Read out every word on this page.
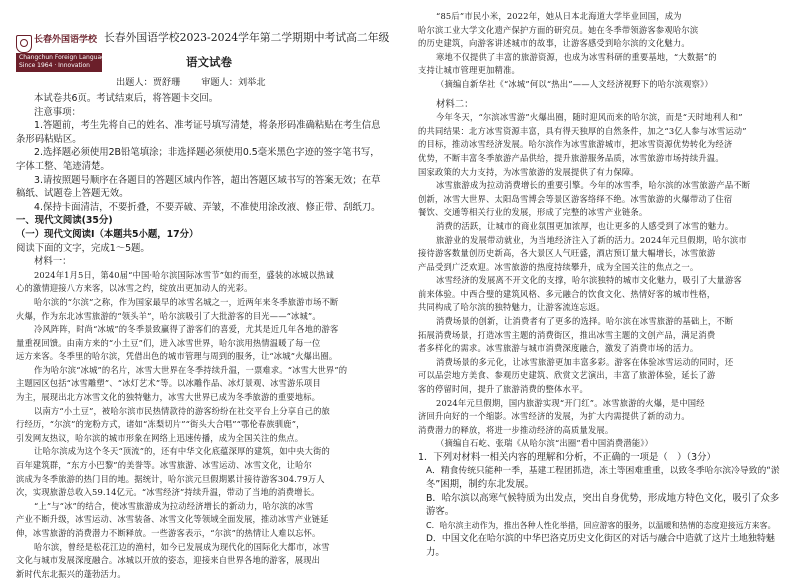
长春外国语学校
Changchun Foreign Languages School
Since 1964 · Innovation
长春外国语学校2023-2024学年第二学期期中考试高二年级
语文试卷
出题人：贾舒珊 审题人：刘举北

本试卷共6页。考试结束后，将答题卡交回。

注意事项：

1.答题前，考生先将自己的姓名、准考证号填写清楚，将条形码准确粘贴在考生信息

条形码粘贴区。

2.选择题必须使用2B铅笔填涂；非选择题必须使用0.5毫米黑色字迹的签字笔书写，

字体工整、笔迹清楚。

3.请按照题号顺序在各题目的答题区域内作答，超出答题区域书写的答案无效；在草

稿纸、试题卷上答题无效。

4.保持卡面清洁，不要折叠，不要弄破、弄皱，不准使用涂改液、修正带、刮纸刀。

一、现代文阅读(35分)

（一）现代文阅读Ⅰ（本题共5小题，17分）

阅读下面的文字，完成1～5题。

材料一：

2024年1月5日，第40届“中国·哈尔滨国际冰雪节”如约而至，盛装的冰城以热诚

心的激情迎接八方来客，以冰雪之约，绽放出更加动人的光彩。

哈尔滨的“尔滨”之称，作为国家最早的冰雪名城之一，近两年来冬季旅游市场不断

火爆，作为东北冰雪旅游的“领头羊”，哈尔滨吸引了大批游客的目光——“冰城”。

冷风阵阵，时尚“冰城”的冬季景致赢得了游客们的喜爱，尤其是近几年各地的游客

量重视回馈。由南方来的“小土豆”们，进入冰雪世界，哈尔滨用热情温暖了每一位

远方来客。冬季里的哈尔滨，凭借出色的城市管理与周到的服务，让“冰城”火爆出圈。

作为哈尔滨“冰城”的名片，冰雪大世界在冬季持续升温，一票难求。“冰雪大世界”的

主题园区包括“冰雪雕塑”、“冰灯艺术”等。以冰雕作品、冰灯景观、冰雪游乐项目

为主，展现出北方冰雪文化的独特魅力，冰雪大世界已成为冬季旅游的重要地标。

以南方“小土豆”，被哈尔滨市民热情款待的游客纷纷在社交平台上分享自己的旅

行经历，“尔滨”的宠粉方式，诸如“冻梨切片”“街头大合唱”“鄂伦春族驯鹿”，

引发网友热议，哈尔滨的城市形象在网络上迅速传播，成为全国关注的焦点。

让哈尔滨成为这个冬天“顶流”的，还有中华文化底蕴深厚的建筑，如中央大街的

百年建筑群，“东方小巴黎”的美誉等。冰雪旅游、冰雪运动、冰雪文化，让哈尔

滨成为冬季旅游的热门目的地。据统计，哈尔滨元旦假期累计接待游客304.79万人

次，实现旅游总收入59.14亿元。“冰雪经济”持续升温，带动了当地的消费增长。

“上”与“冰”的结合，使冰雪旅游成为拉动经济增长的新动力，哈尔滨的冰雪

产业不断升级，冰雪运动、冰雪装备、冰雪文化等领域全面发展，推动冰雪产业链延

伸，冰雪旅游的消费潜力不断释放。一些游客表示，“尔滨”的热情让人难以忘怀。

哈尔滨，曾经是松花江边的渔村，如今已发展成为现代化的国际化大都市，冰雪

文化与城市发展深度融合。冰城以开放的姿态，迎接来自世界各地的游客，展现出

新时代东北振兴的蓬勃活力。

“85后”市民小米，2022年，她从日本北海道大学毕业回国，成为

哈尔滨工业大学文化遗产保护方面的研究员。她在冬季带领游客参观哈尔滨

的历史建筑，向游客讲述城市的故事，让游客感受到哈尔滨的文化魅力。

寒地不仅提供了丰富的旅游资源，也成为冰雪科研的重要基地，“大数据”的

支持让城市管理更加精准。

（摘编自新华社《“冰城”何以“热出”——人文经济视野下的哈尔滨观察》）

材料二：

今年冬天，“尔滨冰雪游”火爆出圈，随时迎风而来的哈尔滨，而是“天时地利人和”

的共同结果：北方冰雪资源丰富，具有得天独厚的自然条件，加之“3亿人参与冰雪运动”

的目标，推动冰雪经济发展。哈尔滨作为冰雪旅游城市，把冰雪资源优势转化为经济

优势，不断丰富冬季旅游产品供给，提升旅游服务品质，冰雪旅游市场持续升温。

国家政策的大力支持，为冰雪旅游的发展提供了有力保障。

冰雪旅游成为拉动消费增长的重要引擎。今年的冰雪季，哈尔滨的冰雪旅游产品不断

创新，冰雪大世界、太阳岛雪博会等景区游客络绎不绝。冰雪旅游的火爆带动了住宿

餐饮、交通等相关行业的发展，形成了完整的冰雪产业链条。

消费的活跃，让城市的商业氛围更加浓厚，也让更多的人感受到了冰雪的魅力。

旅游业的发展带动就业，为当地经济注入了新的活力。2024年元旦假期，哈尔滨市

接待游客数量创历史新高，各大景区人气旺盛，酒店预订量大幅增长，冰雪旅游

产品受到广泛欢迎。冰雪旅游的热度持续攀升，成为全国关注的焦点之一。

冰雪经济的发展离不开文化的支撑，哈尔滨独特的城市文化魅力，吸引了大量游客

前来体验。中西合璧的建筑风格、多元融合的饮食文化、热情好客的城市性格，

共同构成了哈尔滨的独特魅力，让游客流连忘返。

消费场景的创新，让消费者有了更多的选择。哈尔滨在冰雪旅游的基础上，不断

拓展消费场景，打造冰雪主题的消费街区，推出冰雪主题的文创产品，满足消费

者多样化的需求。冰雪旅游与城市消费深度融合，激发了消费市场的活力。

消费场景的多元化，让冰雪旅游更加丰富多彩。游客在体验冰雪运动的同时，还

可以品尝地方美食、参观历史建筑、欣赏文艺演出，丰富了旅游体验，延长了游

客的停留时间，提升了旅游消费的整体水平。

2024年元旦假期，国内旅游实现“开门红”。冰雪旅游的火爆，是中国经

济回升向好的一个缩影。冰雪经济的发展，为扩大内需提供了新的动力。

消费潜力的释放，将进一步推动经济的高质量发展。

（摘编自石屹、张瑞《从哈尔滨“出圈”看中国消费潜能》）

1．下列对材料一相关内容的理解和分析，不正确的一项是（　）（3分）

A．精食传统只能种一季，基建工程团抓造，冻土等困难重重，以致冬季哈尔滨冷导致的“淤

冬”困期，制约东北发展。

B．哈尔滨以高寒气候特质为出发点，突出自身优势，形成地方特色文化，吸引了众多

游客。

C．哈尔滨主动作为，推出各种人性化举措，回应游客的服务，以温暖和热情的态度迎接远方来客。

D．中国文化在哈尔滨的中华巴洛克历史文化街区的对话与融合中造就了这片土地独特魅

力。
